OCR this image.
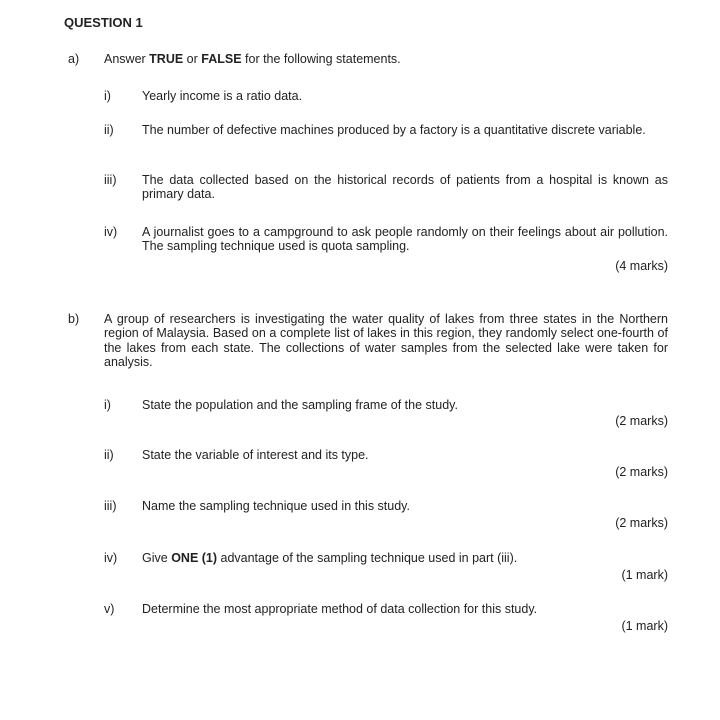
QUESTION 1
a) Answer TRUE or FALSE for the following statements.
i) Yearly income is a ratio data.
ii) The number of defective machines produced by a factory is a quantitative discrete variable.
iii) The data collected based on the historical records of patients from a hospital is known as primary data.
iv) A journalist goes to a campground to ask people randomly on their feelings about air pollution. The sampling technique used is quota sampling.
(4 marks)
b) A group of researchers is investigating the water quality of lakes from three states in the Northern region of Malaysia. Based on a complete list of lakes in this region, they randomly select one-fourth of the lakes from each state. The collections of water samples from the selected lake were taken for analysis.
i) State the population and the sampling frame of the study.
(2 marks)
ii) State the variable of interest and its type.
(2 marks)
iii) Name the sampling technique used in this study.
(2 marks)
iv) Give ONE (1) advantage of the sampling technique used in part (iii).
(1 mark)
v) Determine the most appropriate method of data collection for this study.
(1 mark)
